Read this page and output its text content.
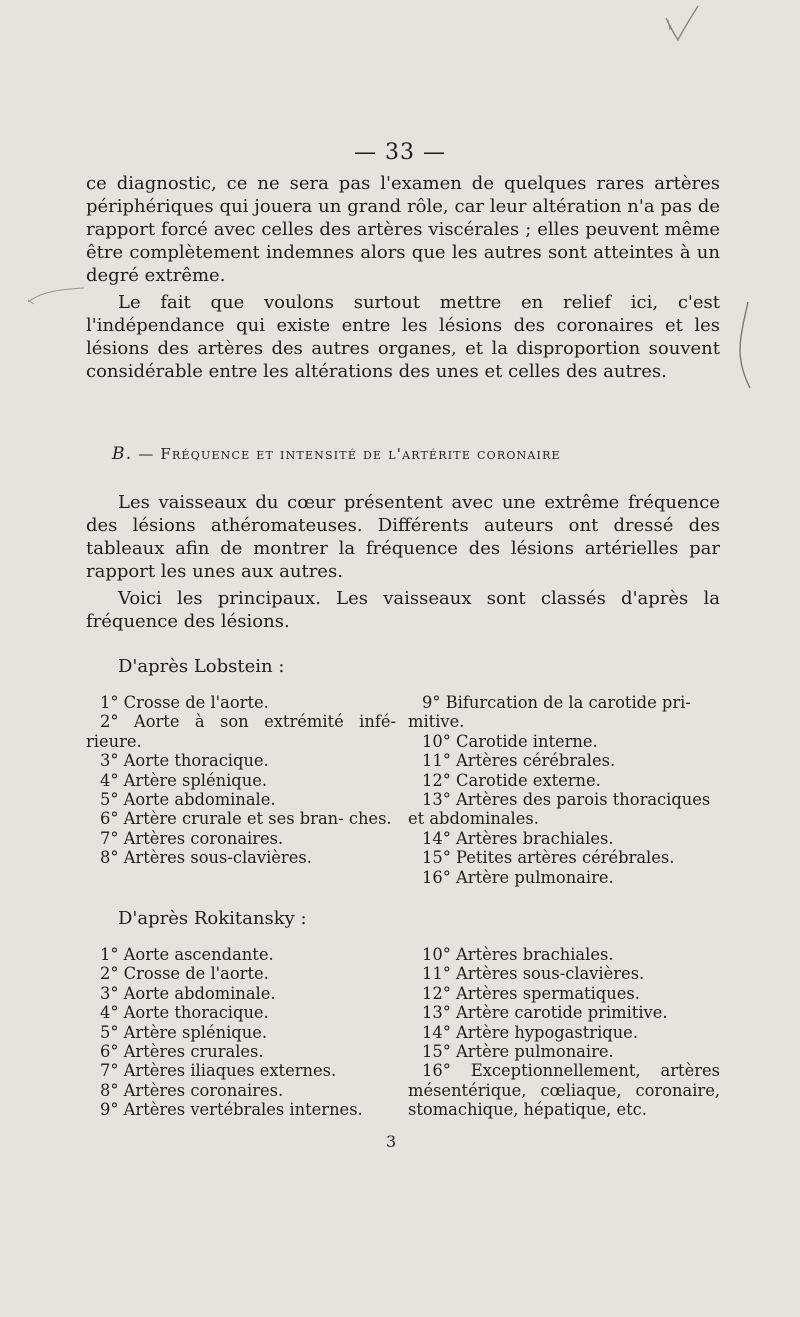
— 33 —

ce diagnostic, ce ne sera pas l'examen de quelques rares artères périphériques qui jouera un grand rôle, car leur altération n'a pas de rapport forcé avec celles des artères viscérales ; elles peuvent même être complètement indemnes alors que les autres sont atteintes à un degré extrême.

Le fait que voulons surtout mettre en relief ici, c'est l'indépendance qui existe entre les lésions des coronaires et les lésions des artères des autres organes, et la disproportion souvent considérable entre les altérations des unes et celles des autres.

B. — Fréquence et intensité de l'artérite coronaire

Les vaisseaux du cœur présentent avec une extrême fréquence des lésions athéromateuses. Différents auteurs ont dressé des tableaux afin de montrer la fréquence des lésions artérielles par rapport les unes aux autres.

Voici les principaux. Les vaisseaux sont classés d'après la fréquence des lésions.

D'après Lobstein :

1° Crosse de l'aorte.

2° Aorte à son extrémité infé- rieure.

3° Aorte thoracique.

4° Artère splénique.

5° Aorte abdominale.

6° Artère crurale et ses bran- ches.

7° Artères coronaires.

8° Artères sous-clavières.

9° Bifurcation de la carotide pri- mitive.

10° Carotide interne.

11° Artères cérébrales.

12° Carotide externe.

13° Artères des parois thoraciques et abdominales.

14° Artères brachiales.

15° Petites artères cérébrales.

16° Artère pulmonaire.

D'après Rokitansky :

1° Aorte ascendante.

2° Crosse de l'aorte.

3° Aorte abdominale.

4° Aorte thoracique.

5° Artère splénique.

6° Artères crurales.

7° Artères iliaques externes.

8° Artères coronaires.

9° Artères vertébrales internes.

10° Artères brachiales.

11° Artères sous-clavières.

12° Artères spermatiques.

13° Artère carotide primitive.

14° Artère hypogastrique.

15° Artère pulmonaire.

16° Exceptionnellement, artères mésentérique, cœliaque, coronaire, stomachique, hépatique, etc.

3
